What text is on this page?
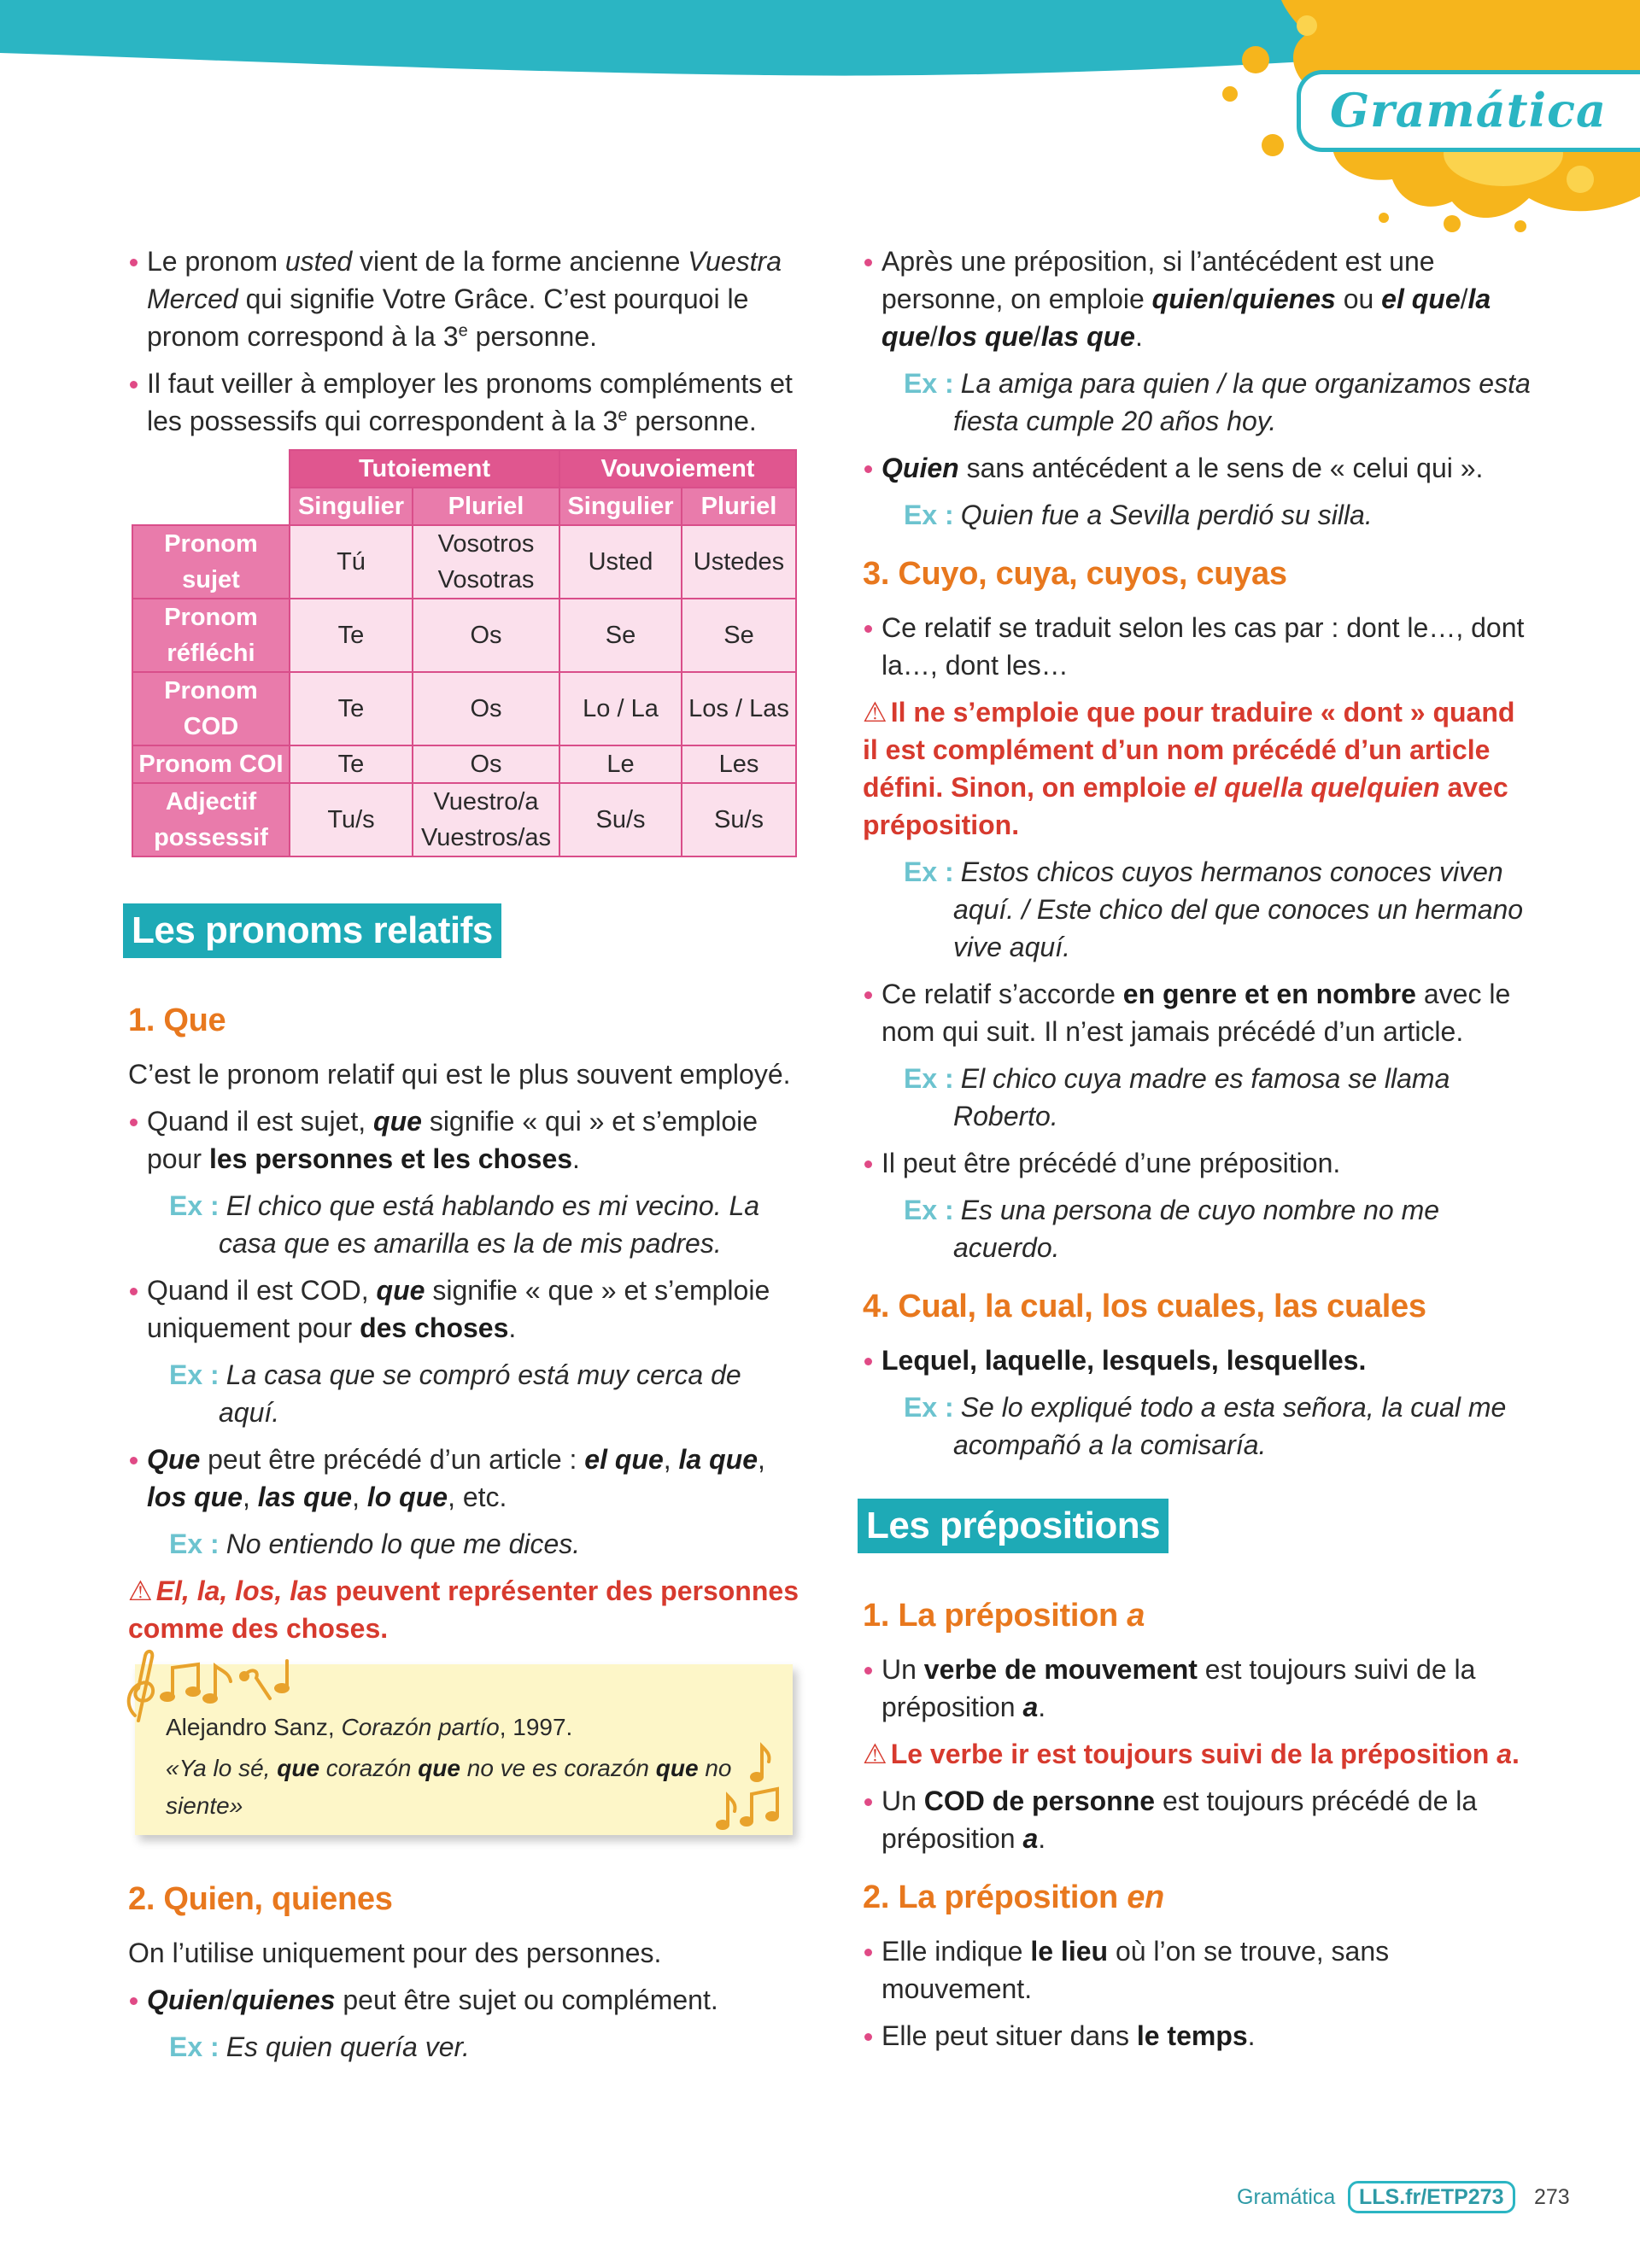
Gramática
Le pronom usted vient de la forme ancienne Vuestra Merced qui signifie Votre Grâce. C’est pourquoi le pronom correspond à la 3e personne.
Il faut veiller à employer les pronoms compléments et les possessifs qui correspondent à la 3e personne.
	Tutoiement		Vouvoiement	
	Singulier	Pluriel	Singulier	Pluriel
Pronom sujet	Tú	Vosotros Vosotras	Usted	Ustedes
Pronom réfléchi	Te	Os	Se	Se
Pronom COD	Te	Os	Lo / La	Los / Las
Pronom COI	Te	Os	Le	Les
Adjectif possessif	Tu/s	Vuestro/a Vuestros/as	Su/s	Su/s
Les pronoms relatifs
1. Que
C’est le pronom relatif qui est le plus souvent employé.
Quand il est sujet, que signifie « qui » et s’emploie pour les personnes et les choses.
Ex : El chico que está hablando es mi vecino. La casa que es amarilla es la de mis padres.
Quand il est COD, que signifie « que » et s’emploie uniquement pour des choses.
Ex : La casa que se compró está muy cerca de aquí.
Que peut être précédé d’un article : el que, la que, los que, las que, lo que, etc.
Ex : No entiendo lo que me dices.
⚠ El, la, los, las peuvent représenter des personnes comme des choses.
Alejandro Sanz, Corazón partío, 1997.
«Ya lo sé, que corazón que no ve es corazón que no siente»
2. Quien, quienes
On l’utilise uniquement pour des personnes.
Quien/quienes peut être sujet ou complément.
Ex : Es quien quería ver.
Après une préposition, si l’antécédent est une personne, on emploie quien/quienes ou el que/la que/los que/las que.
Ex : La amiga para quien / la que organizamos esta fiesta cumple 20 años hoy.
Quien sans antécédent a le sens de « celui qui ».
Ex : Quien fue a Sevilla perdió su silla.
3. Cuyo, cuya, cuyos, cuyas
Ce relatif se traduit selon les cas par : dont le…, dont la…, dont les…
⚠ Il ne s’emploie que pour traduire « dont » quand il est complément d’un nom précédé d’un article défini. Sinon, on emploie el que/la que/quien avec préposition.
Ex : Estos chicos cuyos hermanos conoces viven aquí. / Este chico del que conoces un hermano vive aquí.
Ce relatif s’accorde en genre et en nombre avec le nom qui suit. Il n’est jamais précédé d’un article.
Ex : El chico cuya madre es famosa se llama Roberto.
Il peut être précédé d’une préposition.
Ex : Es una persona de cuyo nombre no me acuerdo.
4. Cual, la cual, los cuales, las cuales
Lequel, laquelle, lesquels, lesquelles.
Ex : Se lo expliqué todo a esta señora, la cual me acompañó a la comisaría.
Les prépositions
1. La préposition a
Un verbe de mouvement est toujours suivi de la préposition a.
⚠ Le verbe ir est toujours suivi de la préposition a.
Un COD de personne est toujours précédé de la préposition a.
2. La préposition en
Elle indique le lieu où l’on se trouve, sans mouvement.
Elle peut situer dans le temps.
Gramática	LLS.fr/ETP273	273
